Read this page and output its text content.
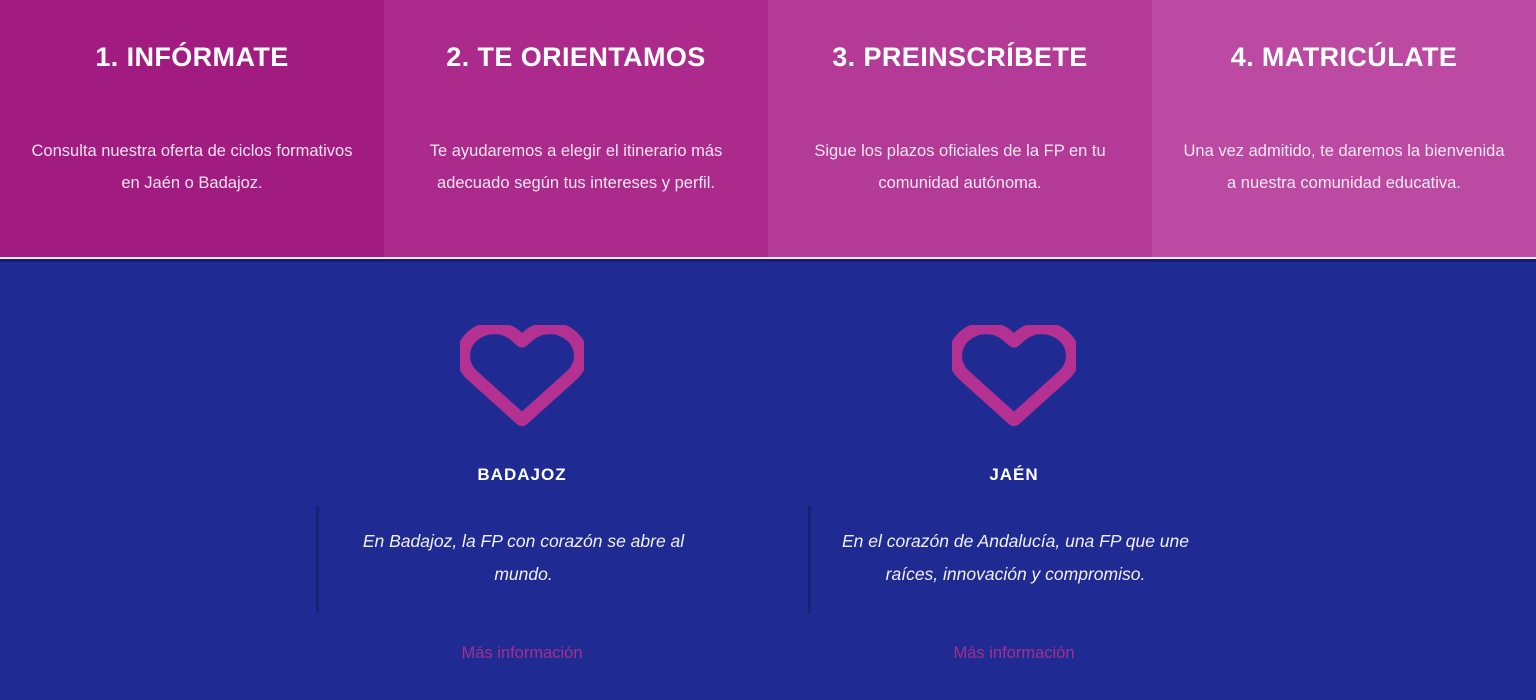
1. INFÓRMATE
Consulta nuestra oferta de ciclos formativos en Jaén o Badajoz.
2. TE ORIENTAMOS
Te ayudaremos a elegir el itinerario más adecuado según tus intereses y perfil.
3. PREINSCRÍBETE
Sigue los plazos oficiales de la FP en tu comunidad autónoma.
4. MATRICÚLATE
Una vez admitido, te daremos la bienvenida a nuestra comunidad educativa.
BADAJOZ
En Badajoz, la FP con corazón se abre al mundo.
Más información
JAÉN
En el corazón de Andalucía, una FP que une raíces, innovación y compromiso.
Más información
